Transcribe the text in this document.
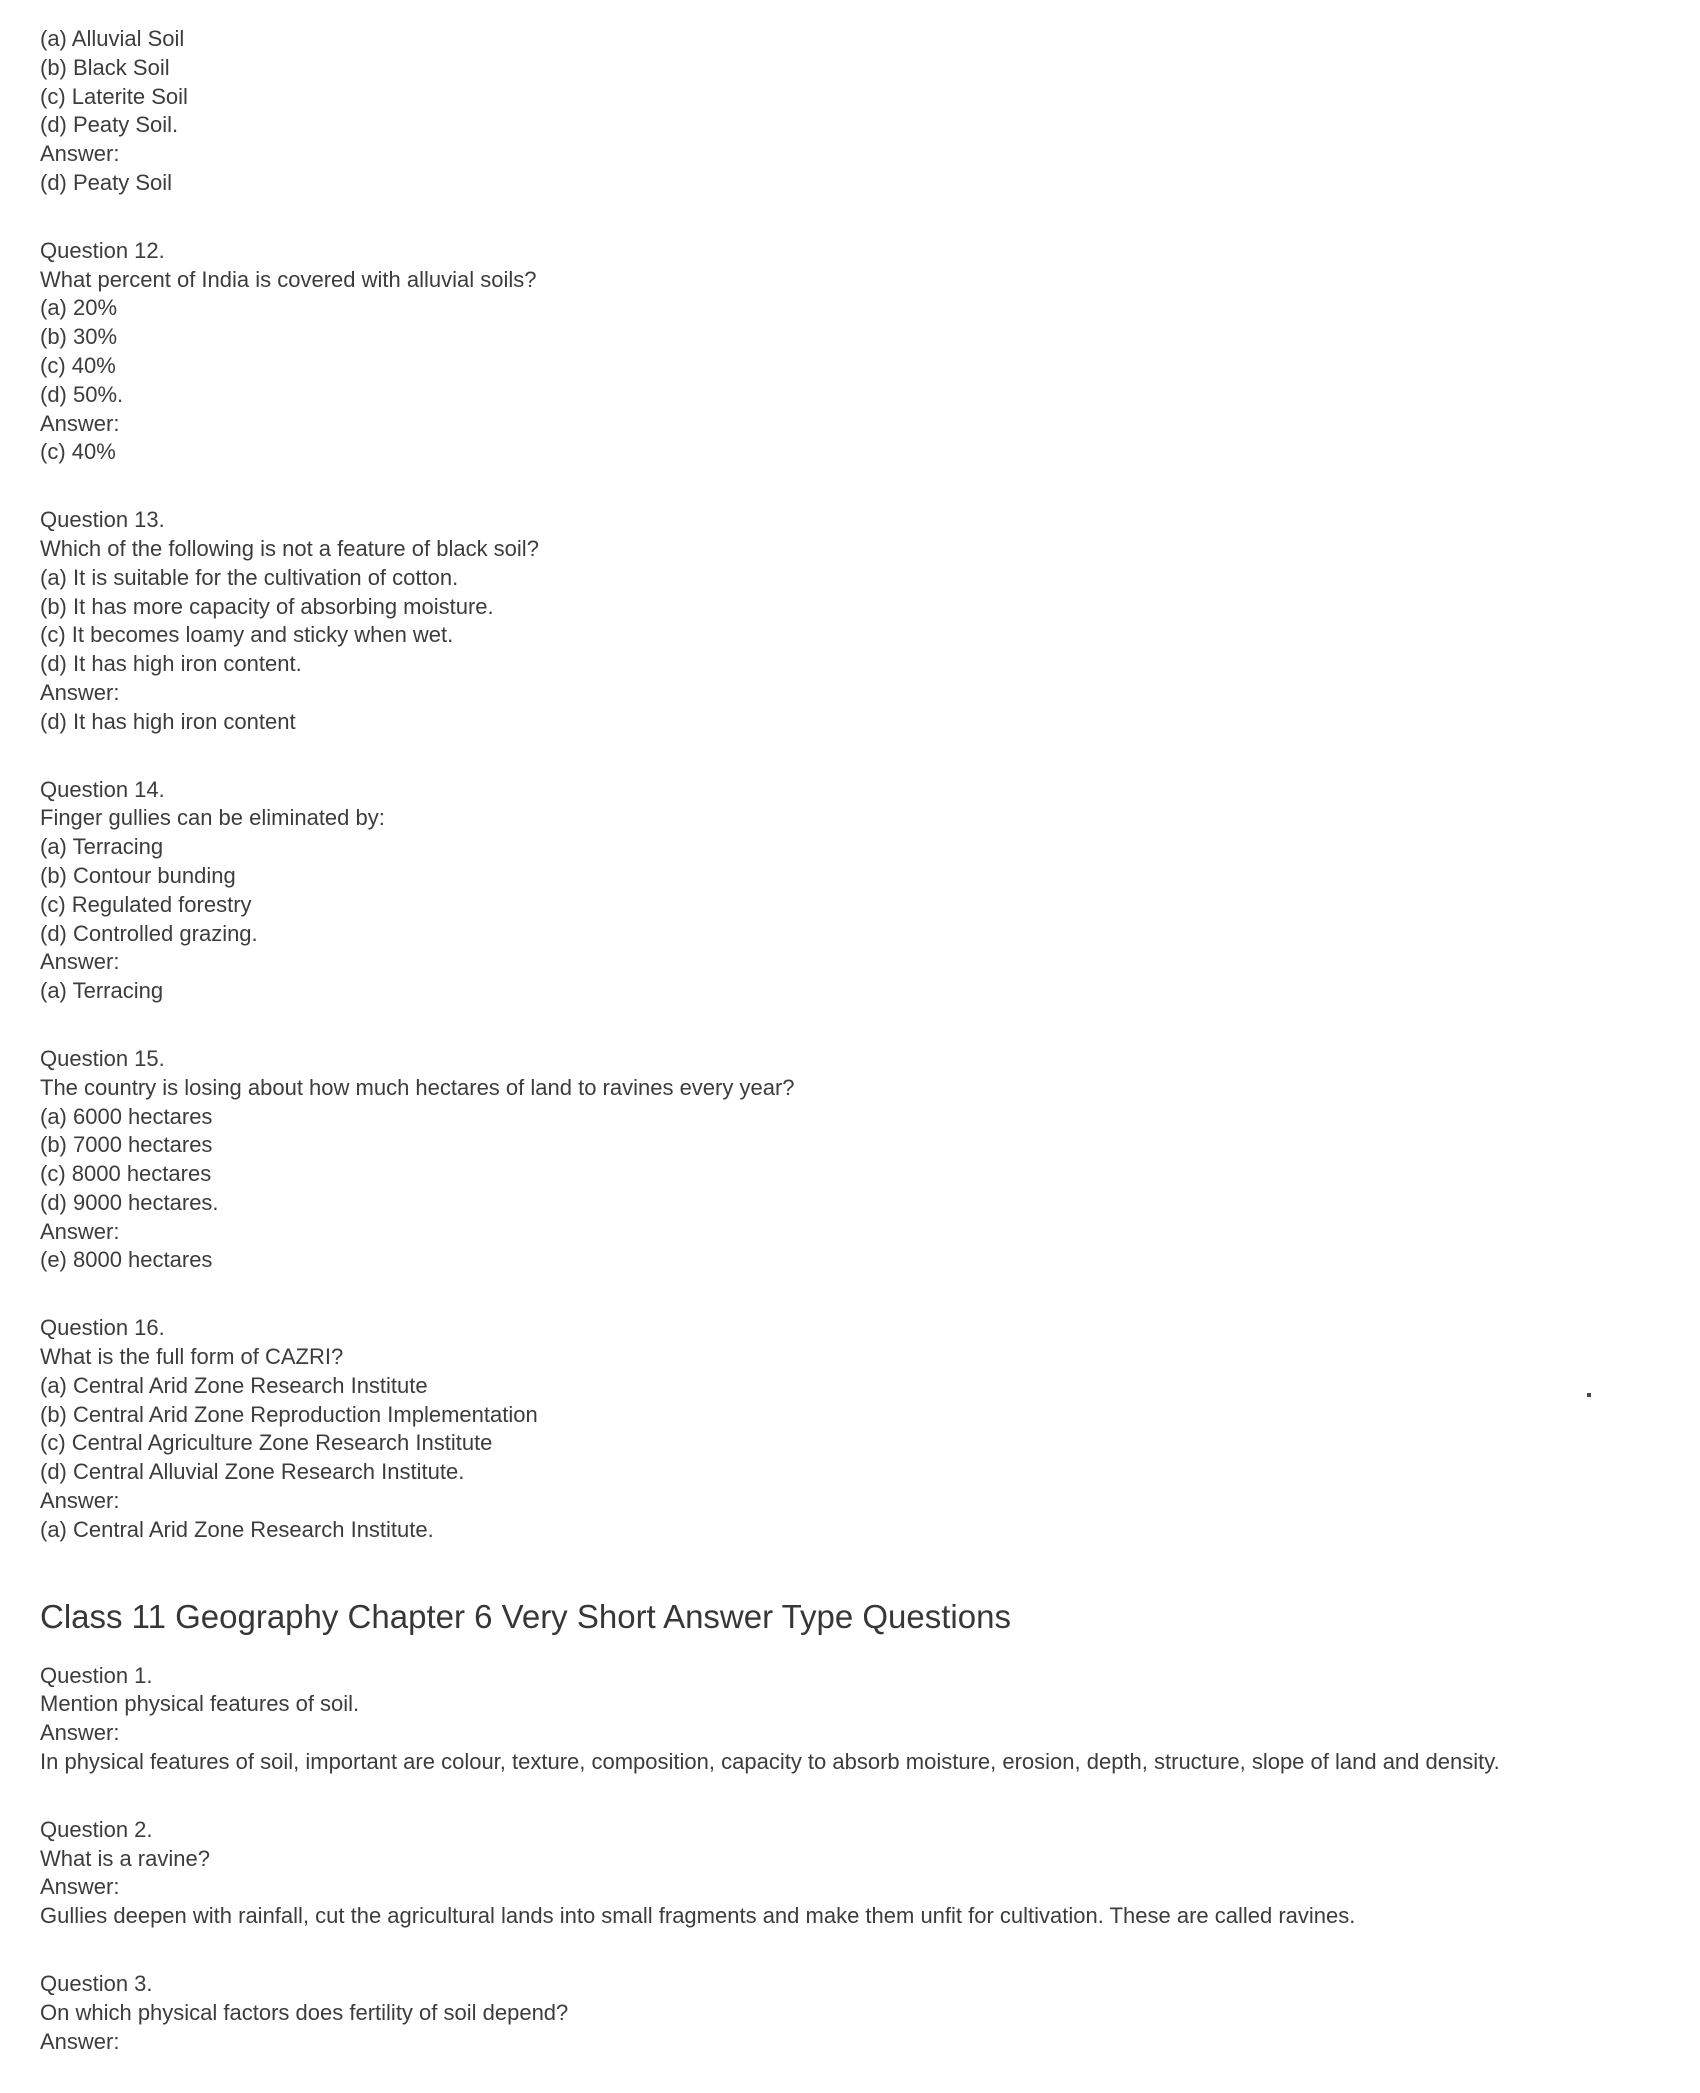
(a) Alluvial Soil
(b) Black Soil
(c) Laterite Soil
(d) Peaty Soil.
Answer:
(d) Peaty Soil

Question 12.
What percent of India is covered with alluvial soils?
(a) 20%
(b) 30%
(c) 40%
(d) 50%.
Answer:
(c) 40%

Question 13.
Which of the following is not a feature of black soil?
(a) It is suitable for the cultivation of cotton.
(b) It has more capacity of absorbing moisture.
(c) It becomes loamy and sticky when wet.
(d) It has high iron content.
Answer:
(d) It has high iron content

Question 14.
Finger gullies can be eliminated by:
(a) Terracing
(b) Contour bunding
(c) Regulated forestry
(d) Controlled grazing.
Answer:
(a) Terracing

Question 15.
The country is losing about how much hectares of land to ravines every year?
(a) 6000 hectares
(b) 7000 hectares
(c) 8000 hectares
(d) 9000 hectares.
Answer:
(e) 8000 hectares

Question 16.
What is the full form of CAZRI?
(a) Central Arid Zone Research Institute
(b) Central Arid Zone Reproduction Implementation
(c) Central Agriculture Zone Research Institute
(d) Central Alluvial Zone Research Institute.
Answer:
(a) Central Arid Zone Research Institute.

Class 11 Geography Chapter 6 Very Short Answer Type Questions

Question 1.
Mention physical features of soil.
Answer:
In physical features of soil, important are colour, texture, composition, capacity to absorb moisture, erosion, depth, structure, slope of land and density.

Question 2.
What is a ravine?
Answer:
Gullies deepen with rainfall, cut the agricultural lands into small fragments and make them unfit for cultivation. These are called ravines.

Question 3.
On which physical factors does fertility of soil depend?
Answer:
